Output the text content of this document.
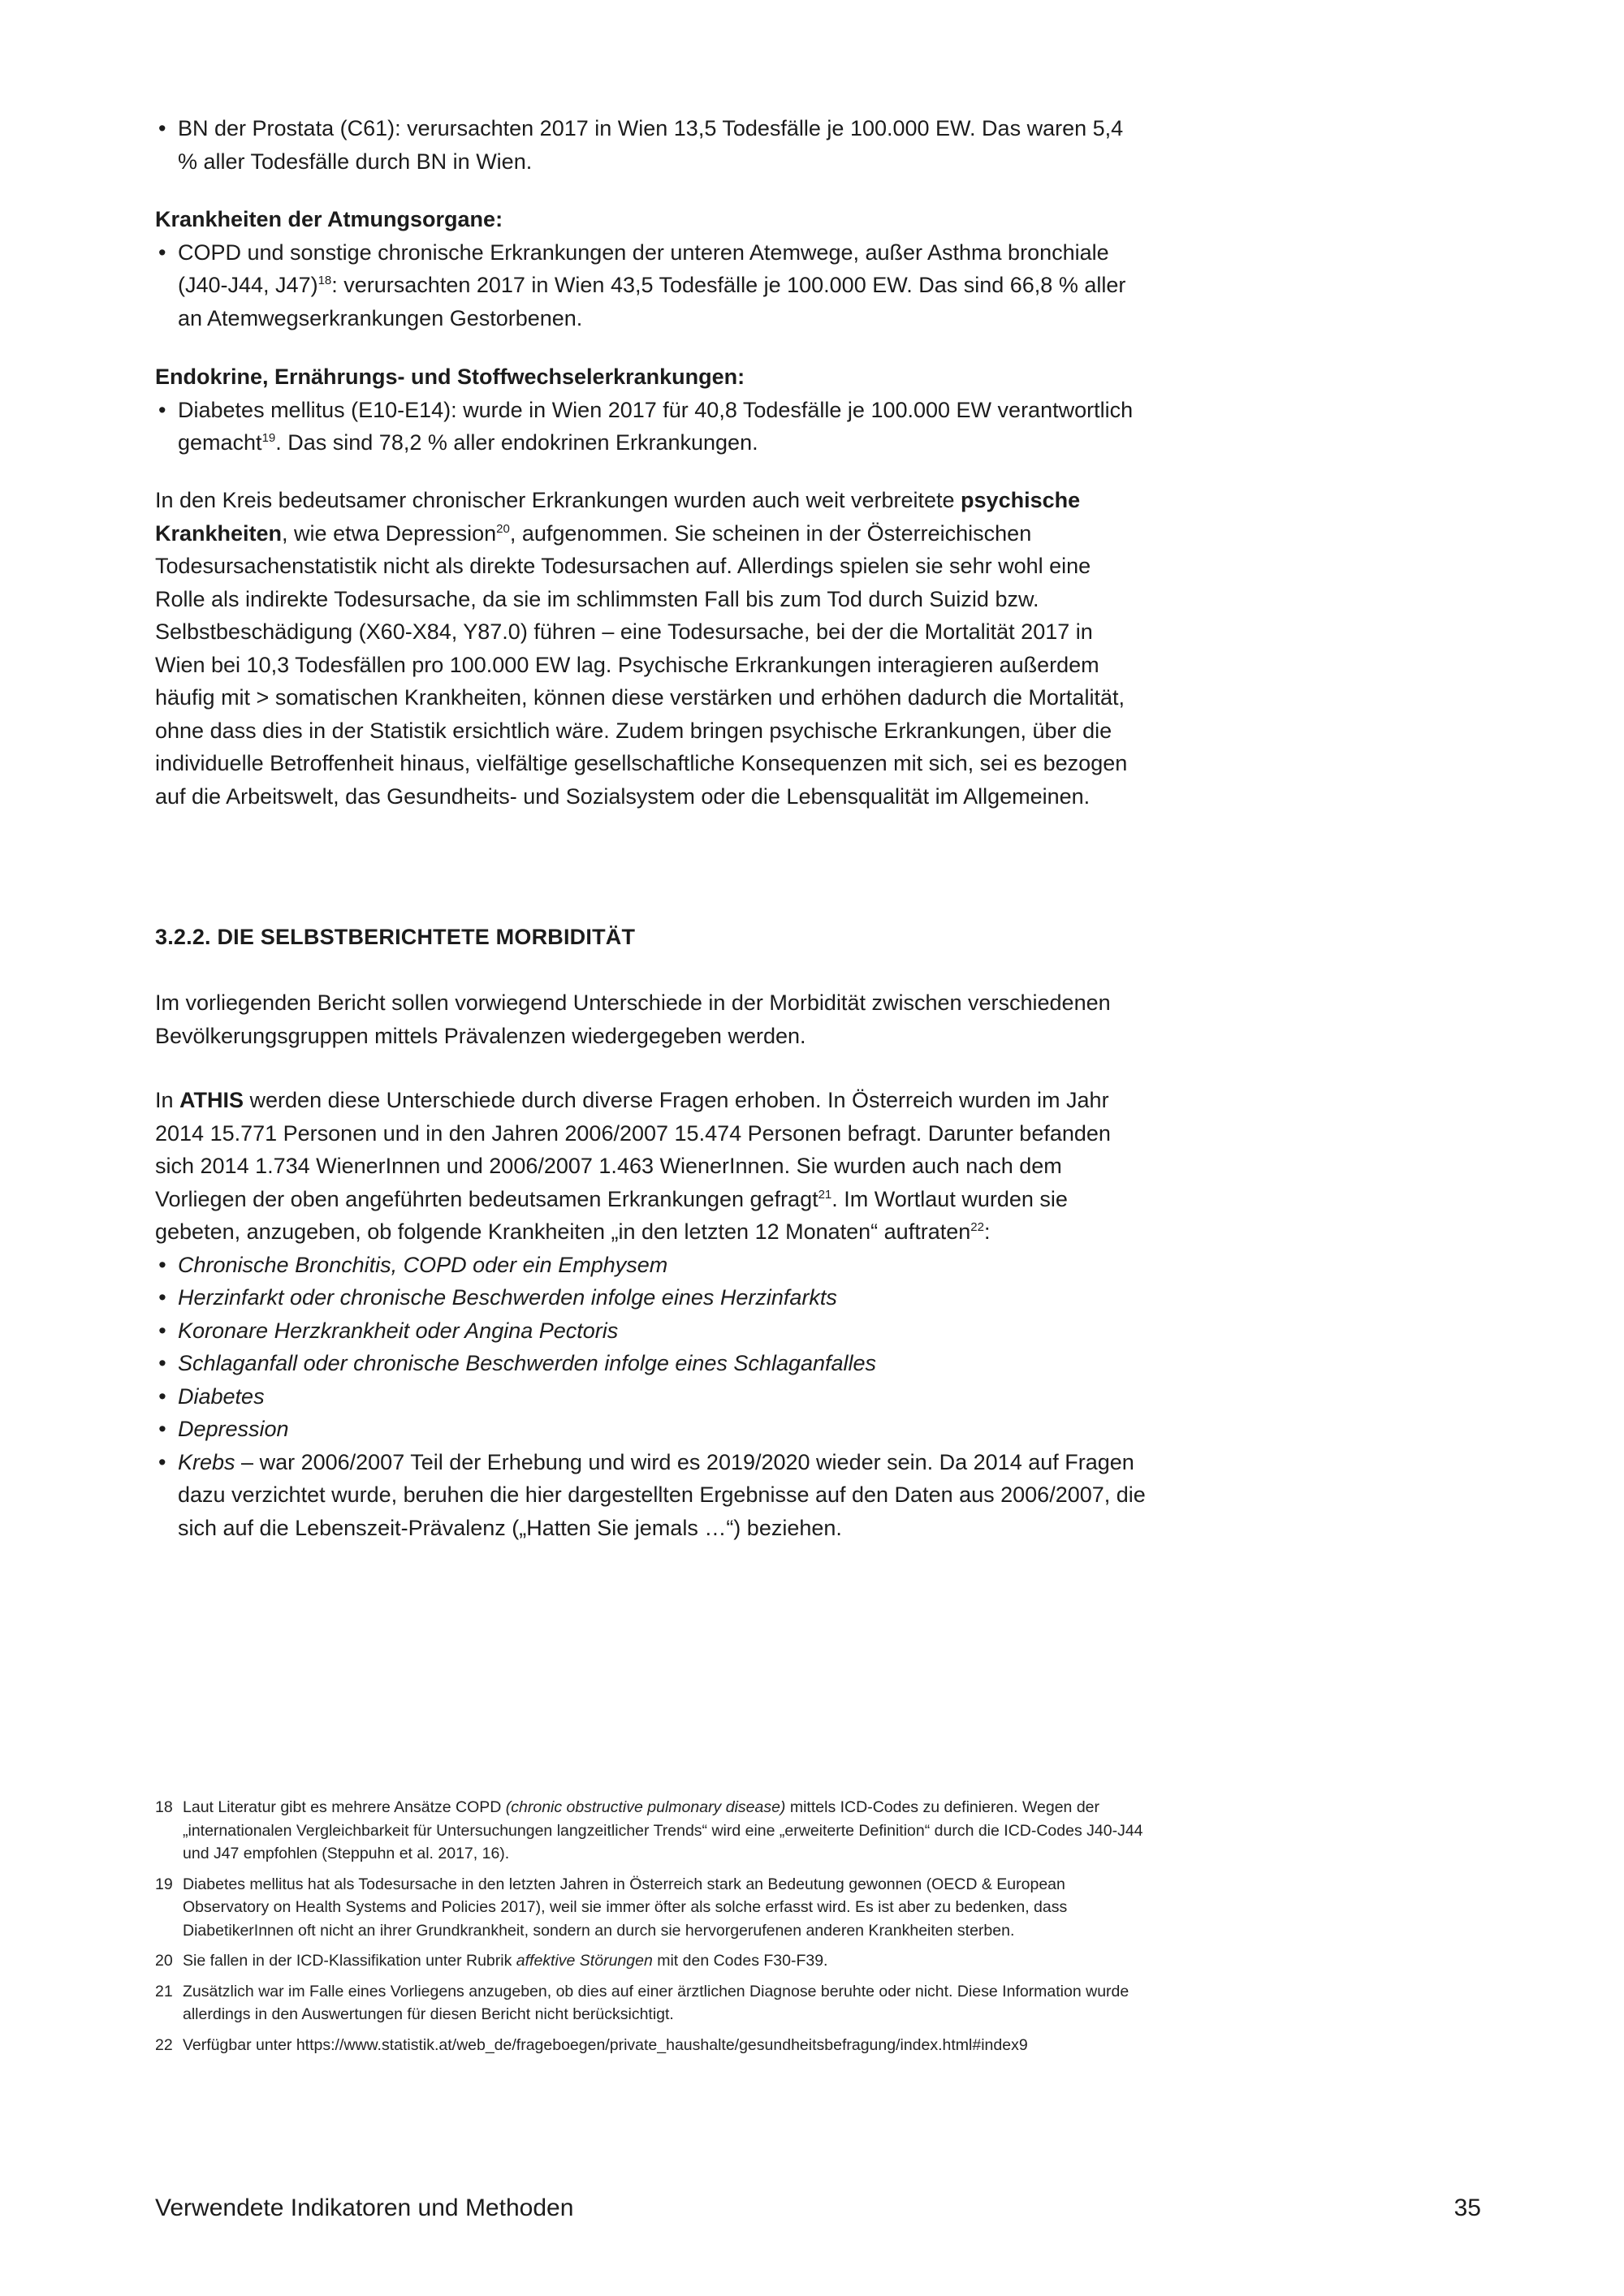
• BN der Prostata (C61): verursachten 2017 in Wien 13,5 Todesfälle je 100.000 EW. Das waren 5,4 % aller Todesfälle durch BN in Wien.

Krankheiten der Atmungsorgane:

• COPD und sonstige chronische Erkrankungen der unteren Atemwege, außer Asthma bronchiale (J40-J44, J47)$^{18}$: verursachten 2017 in Wien 43,5 Todesfälle je 100.000 EW. Das sind 66,8 % aller an Atemwegserkrankungen Gestorbenen.

Endokrine, Ernährungs- und Stoffwechselerkrankungen:

• Diabetes mellitus (E10-E14): wurde in Wien 2017 für 40,8 Todesfälle je 100.000 EW verantwortlich gemacht$^{19}$. Das sind 78,2 % aller endokrinen Erkrankungen.

In den Kreis bedeutsamer chronischer Erkrankungen wurden auch weit verbreitete psychische Krankheiten, wie etwa Depression$^{20}$, aufgenommen. Sie scheinen in der Österreichischen Todesursachenstatistik nicht als direkte Todesursachen auf. Allerdings spielen sie sehr wohl eine Rolle als indirekte Todesursache, da sie im schlimmsten Fall bis zum Tod durch Suizid bzw. Selbstbeschädigung (X60-X84, Y87.0) führen – eine Todesursache, bei der die Mortalität 2017 in Wien bei 10,3 Todesfällen pro 100.000 EW lag. Psychische Erkrankungen interagieren außerdem häufig mit > somatischen Krankheiten, können diese verstärken und erhöhen dadurch die Mortalität, ohne dass dies in der Statistik ersichtlich wäre. Zudem bringen psychische Erkrankungen, über die individuelle Betroffenheit hinaus, vielfältige gesellschaftliche Konsequenzen mit sich, sei es bezogen auf die Arbeitswelt, das Gesundheits- und Sozialsystem oder die Lebensqualität im Allgemeinen.

3.2.2. DIE SELBSTBERICHTETE MORBIDITÄT

Im vorliegenden Bericht sollen vorwiegend Unterschiede in der Morbidität zwischen verschiedenen Bevölkerungsgruppen mittels Prävalenzen wiedergegeben werden.

In ATHIS werden diese Unterschiede durch diverse Fragen erhoben. In Österreich wurden im Jahr 2014 15.771 Personen und in den Jahren 2006/2007 15.474 Personen befragt. Darunter befanden sich 2014 1.734 WienerInnen und 2006/2007 1.463 WienerInnen. Sie wurden auch nach dem Vorliegen der oben angeführten bedeutsamen Erkrankungen gefragt$^{21}$. Im Wortlaut wurden sie gebeten, anzugeben, ob folgende Krankheiten „in den letzten 12 Monaten“ auftraten$^{22}$:

• Chronische Bronchitis, COPD oder ein Emphysem

• Herzinfarkt oder chronische Beschwerden infolge eines Herzinfarkts

• Koronare Herzkrankheit oder Angina Pectoris

• Schlaganfall oder chronische Beschwerden infolge eines Schlaganfalles

• Diabetes

• Depression

• Krebs – war 2006/2007 Teil der Erhebung und wird es 2019/2020 wieder sein. Da 2014 auf Fragen dazu verzichtet wurde, beruhen die hier dargestellten Ergebnisse auf den Daten aus 2006/2007, die sich auf die Lebenszeit-Prävalenz („Hatten Sie jemals …“) beziehen.

18 Laut Literatur gibt es mehrere Ansätze COPD (chronic obstructive pulmonary disease) mittels ICD-Codes zu definieren. Wegen der „internationalen Vergleichbarkeit für Untersuchungen langzeitlicher Trends“ wird eine „erweiterte Definition“ durch die ICD-Codes J40-J44 und J47 empfohlen (Steppuhn et al. 2017, 16).
19 Diabetes mellitus hat als Todesursache in den letzten Jahren in Österreich stark an Bedeutung gewonnen (OECD & European Observatory on Health Systems and Policies 2017), weil sie immer öfter als solche erfasst wird. Es ist aber zu bedenken, dass DiabetikerInnen oft nicht an ihrer Grundkrankheit, sondern an durch sie hervorgerufenen anderen Krankheiten sterben.
20 Sie fallen in der ICD-Klassifikation unter Rubrik affektive Störungen mit den Codes F30-F39.
21 Zusätzlich war im Falle eines Vorliegens anzugeben, ob dies auf einer ärztlichen Diagnose beruhte oder nicht. Diese Information wurde allerdings in den Auswertungen für diesen Bericht nicht berücksichtigt.
22 Verfügbar unter https://www.statistik.at/web_de/frageboegen/private_haushalte/gesundheitsbefragung/index.html#index9
Verwendete Indikatoren und Methoden	35
